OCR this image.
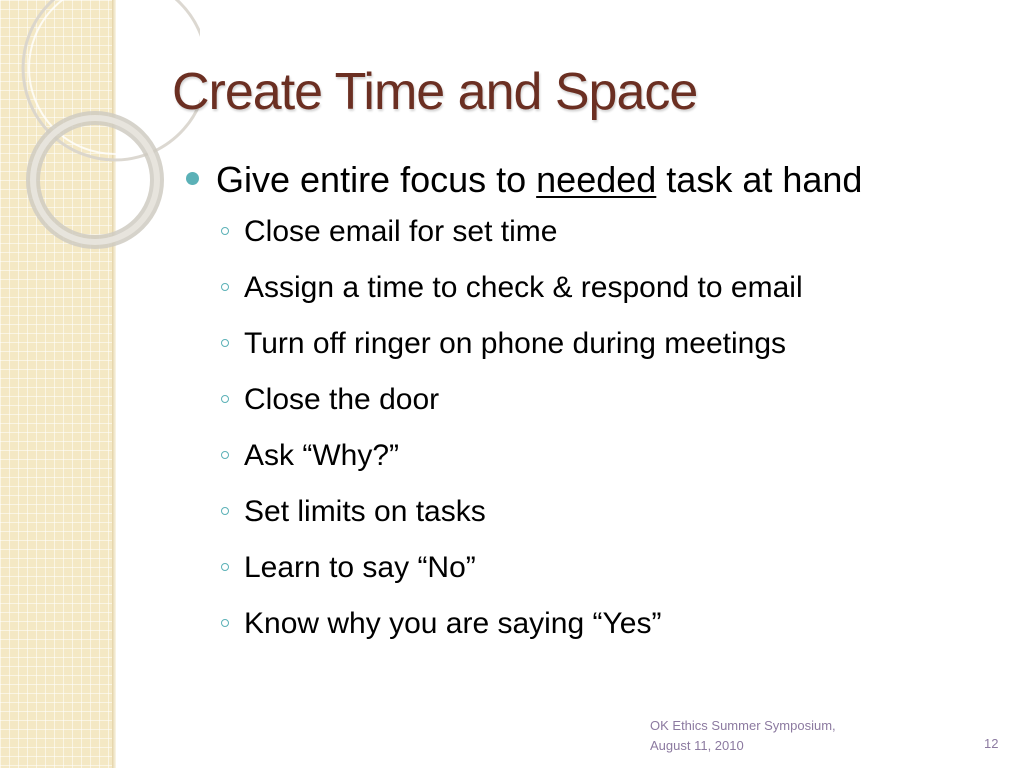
Create Time and Space
Give entire focus to needed task at hand
Close email for set time
Assign a time to check & respond to email
Turn off ringer on phone during meetings
Close the door
Ask “Why?”
Set limits on tasks
Learn to say “No”
Know why you are saying “Yes”

OK Ethics Summer Symposium,
August 11, 2010	12
